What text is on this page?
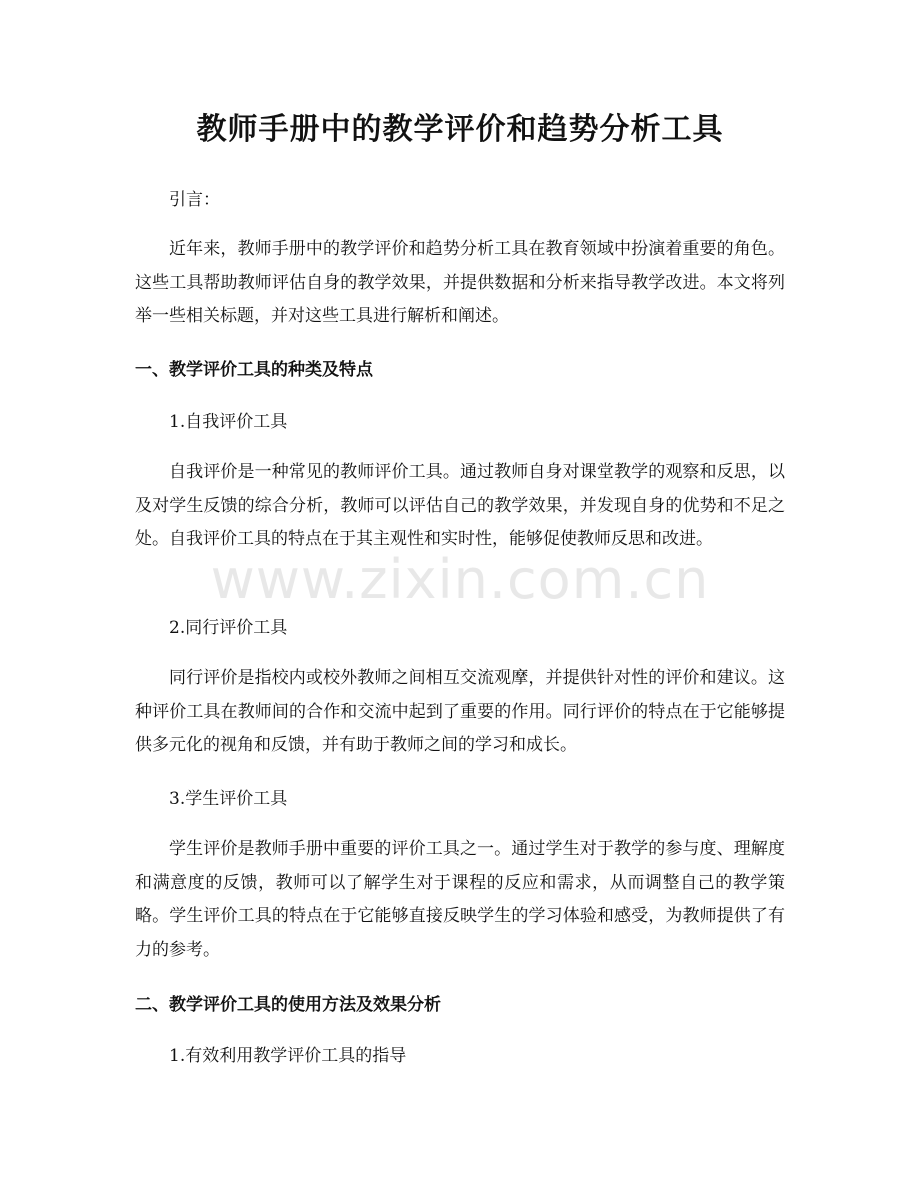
教师手册中的教学评价和趋势分析工具
引言：
近年来，教师手册中的教学评价和趋势分析工具在教育领域中扮演着重要的角色。这些工具帮助教师评估自身的教学效果，并提供数据和分析来指导教学改进。本文将列举一些相关标题，并对这些工具进行解析和阐述。
一、教学评价工具的种类及特点
1.自我评价工具
自我评价是一种常见的教师评价工具。通过教师自身对课堂教学的观察和反思，以及对学生反馈的综合分析，教师可以评估自己的教学效果，并发现自身的优势和不足之处。自我评价工具的特点在于其主观性和实时性，能够促使教师反思和改进。
2.同行评价工具
同行评价是指校内或校外教师之间相互交流观摩，并提供针对性的评价和建议。这种评价工具在教师间的合作和交流中起到了重要的作用。同行评价的特点在于它能够提供多元化的视角和反馈，并有助于教师之间的学习和成长。
3.学生评价工具
学生评价是教师手册中重要的评价工具之一。通过学生对于教学的参与度、理解度和满意度的反馈，教师可以了解学生对于课程的反应和需求，从而调整自己的教学策略。学生评价工具的特点在于它能够直接反映学生的学习体验和感受，为教师提供了有力的参考。
二、教学评价工具的使用方法及效果分析
1.有效利用教学评价工具的指导
www.zixin.com.cn
